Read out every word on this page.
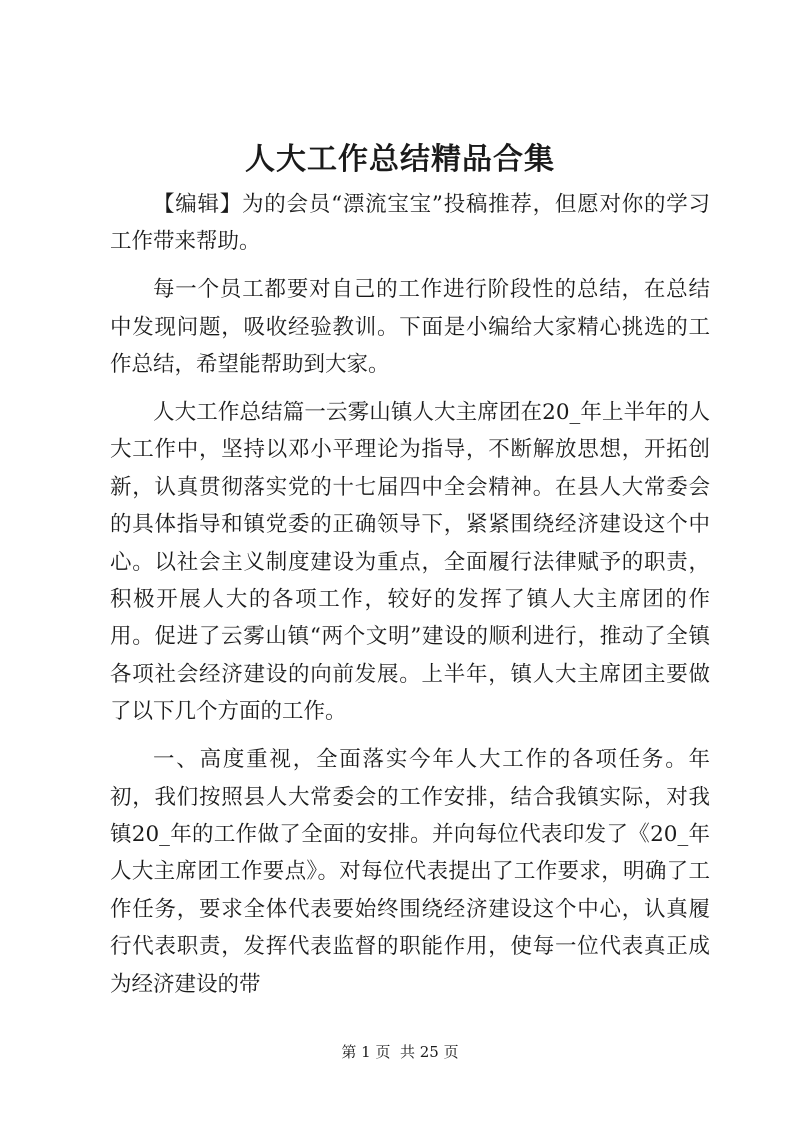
人大工作总结精品合集

【编辑】为的会员“漂流宝宝”投稿推荐，但愿对你的学习工作带来帮助。

每一个员工都要对自己的工作进行阶段性的总结，在总结中发现问题，吸收经验教训。下面是小编给大家精心挑选的工作总结，希望能帮助到大家。

人大工作总结篇一云雾山镇人大主席团在20_年上半年的人大工作中，坚持以邓小平理论为指导，不断解放思想，开拓创新，认真贯彻落实党的十七届四中全会精神。在县人大常委会的具体指导和镇党委的正确领导下，紧紧围绕经济建设这个中心。以社会主义制度建设为重点，全面履行法律赋予的职责，积极开展人大的各项工作，较好的发挥了镇人大主席团的作用。促进了云雾山镇“两个文明”建设的顺利进行，推动了全镇各项社会经济建设的向前发展。上半年，镇人大主席团主要做了以下几个方面的工作。

一、高度重视，全面落实今年人大工作的各项任务。年初，我们按照县人大常委会的工作安排，结合我镇实际，对我镇20_年的工作做了全面的安排。并向每位代表印发了《20_年人大主席团工作要点》。对每位代表提出了工作要求，明确了工作任务，要求全体代表要始终围绕经济建设这个中心，认真履行代表职责，发挥代表监督的职能作用，使每一位代表真正成为经济建设的带

第 1 页  共 25 页
